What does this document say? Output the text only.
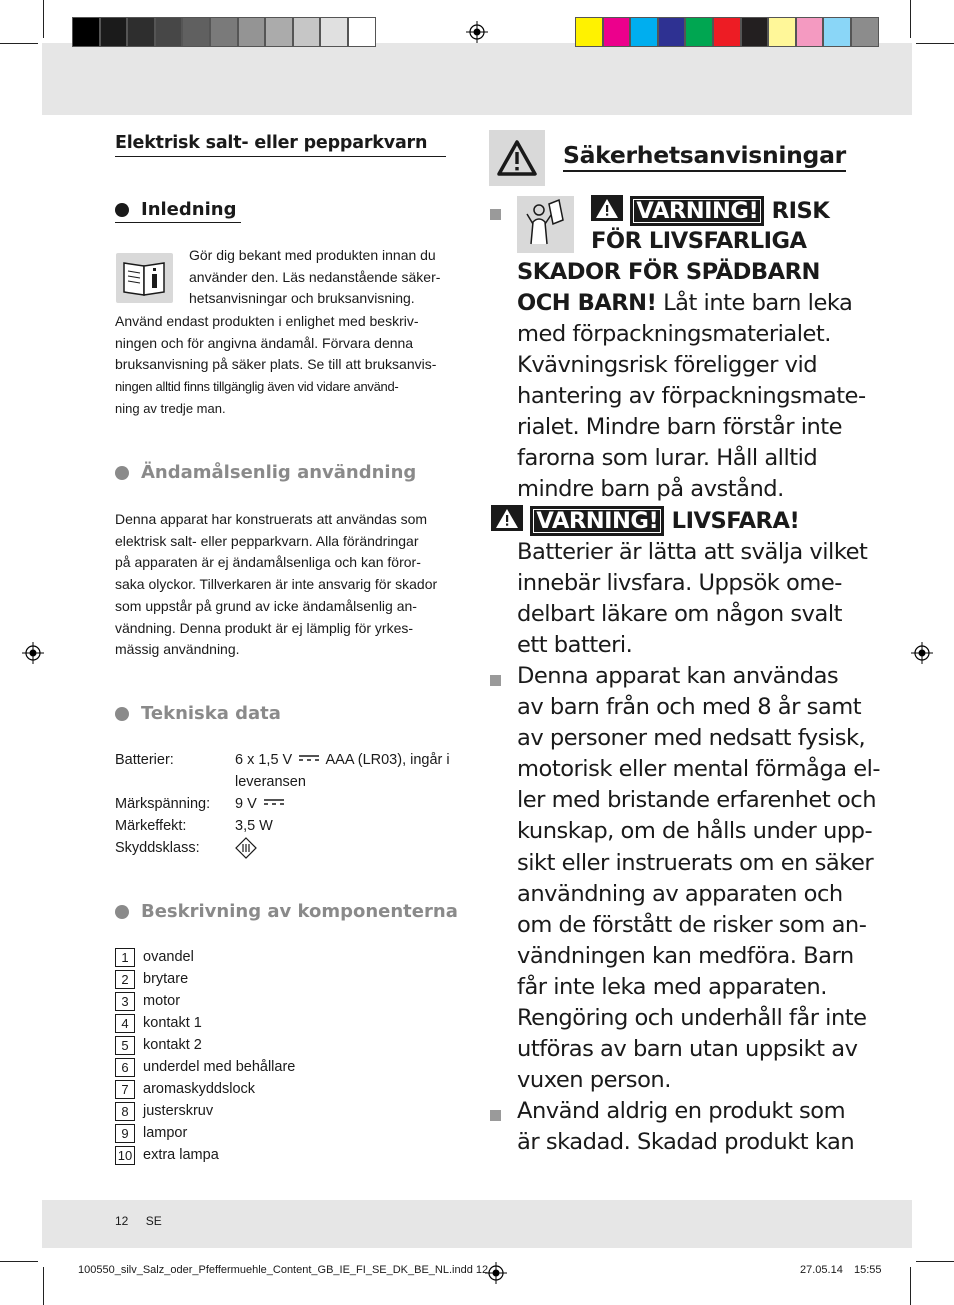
Elektrisk salt- eller pepparkvarn
Inledning
Gör dig bekant med produkten innan du
använder den. Läs nedanstående säker-
hetsanvisningar och bruksanvisning.
Använd endast produkten i enlighet med beskriv-
ningen och för angivna ändamål. Förvara denna
bruksanvisning på säker plats. Se till att bruksanvis-
ningen alltid finns tillgänglig även vid vidare använd-
ning av tredje man.
Ändamålsenlig användning
Denna apparat har konstruerats att användas som
elektrisk salt- eller pepparkvarn. Alla förändringar
på apparaten är ej ändamålsenliga och kan föror-
saka olyckor. Tillverkaren är inte ansvarig för skador
som uppstår på grund av icke ändamålsenlig an-
vändning. Denna produkt är ej lämplig för yrkes-
mässig användning.
Tekniska data
Batterier:	6 x 1,5 V AAA (LR03), ingår i
leveransen
Märkspänning: 9 V
Märkeffekt:	3,5 W
Skyddsklass:
Beskrivning av komponenterna
1 ovandel
2 brytare
3 motor
4 kontakt 1
5 kontakt 2
6 underdel med behållare
7 aromaskyddslock
8 justerskruv
9 lampor
10 extra lampa
Säkerhetsanvisningar
VARNING! RISK
FÖR LIVSFARLIGA
SKADOR FÖR SPÄDBARN
OCH BARN! Låt inte barn leka
med förpackningsmaterialet.
Kvävningsrisk föreligger vid
hantering av förpackningsmate-
rialet. Mindre barn förstår inte
farorna som lurar. Håll alltid
mindre barn på avstånd.
VARNING! LIVSFARA!
Batterier är lätta att svälja vilket
innebär livsfara. Uppsök ome-
delbart läkare om någon svalt
ett batteri.
Denna apparat kan användas
av barn från och med 8 år samt
av personer med nedsatt fysisk,
motorisk eller mental förmåga el-
ler med bristande erfarenhet och
kunskap, om de hålls under upp-
sikt eller instruerats om en säker
användning av apparaten och
om de förstått de risker som an-
vändningen kan medföra. Barn
får inte leka med apparaten.
Rengöring och underhåll får inte
utföras av barn utan uppsikt av
vuxen person.
Använd aldrig en produkt som
är skadad. Skadad produkt kan
12 SE
100550_silv_Salz_oder_Pfeffermuehle_Content_GB_IE_FI_SE_DK_BE_NL.indd 12	27.05.14 15:55
